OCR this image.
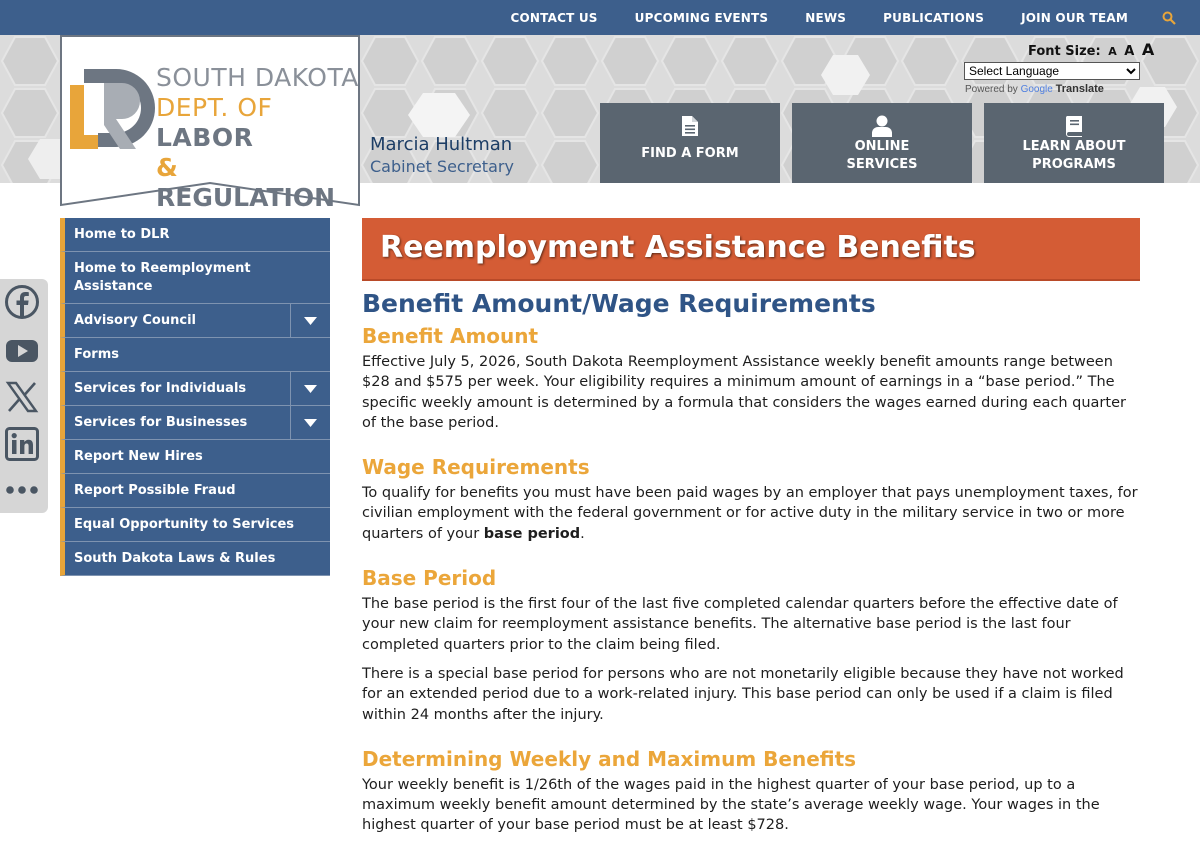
CONTACT US	UPCOMING EVENTS	NEWS	PUBLICATIONS	JOIN OUR TEAM
SOUTH DAKOTA
DEPT. OF LABOR
& REGULATION
Marcia Hultman
Cabinet Secretary
Font Size: A A A
Select Language
Powered by Google Translate
FIND A FORM	ONLINE
SERVICES
LEARN ABOUT
PROGRAMS
Home to DLR
Home to Reemployment Assistance
Advisory Council
Forms
Services for Individuals
Services for Businesses
Report New Hires
Report Possible Fraud
Equal Opportunity to Services
South Dakota Laws & Rules
Reemployment Assistance Benefits
Benefit Amount/Wage Requirements
Benefit Amount

Effective July 5, 2026, South Dakota Reemployment Assistance weekly benefit amounts range between $28 and $575 per week. Your eligibility requires a minimum amount of earnings in a “base period.” The specific weekly amount is determined by a formula that considers the wages earned during each quarter of the base period.

Wage Requirements

To qualify for benefits you must have been paid wages by an employer that pays unemployment taxes, for civilian employment with the federal government or for active duty in the military service in two or more quarters of your base period.

Base Period

The base period is the first four of the last five completed calendar quarters before the effective date of your new claim for reemployment assistance benefits. The alternative base period is the last four completed quarters prior to the claim being filed.

There is a special base period for persons who are not monetarily eligible because they have not worked for an extended period due to a work-related injury. This base period can only be used if a claim is filed within 24 months after the injury.

Determining Weekly and Maximum Benefits

Your weekly benefit is 1/26th of the wages paid in the highest quarter of your base period, up to a maximum weekly benefit amount determined by the state’s average weekly wage. Your wages in the highest quarter of your base period must be at least $728.
